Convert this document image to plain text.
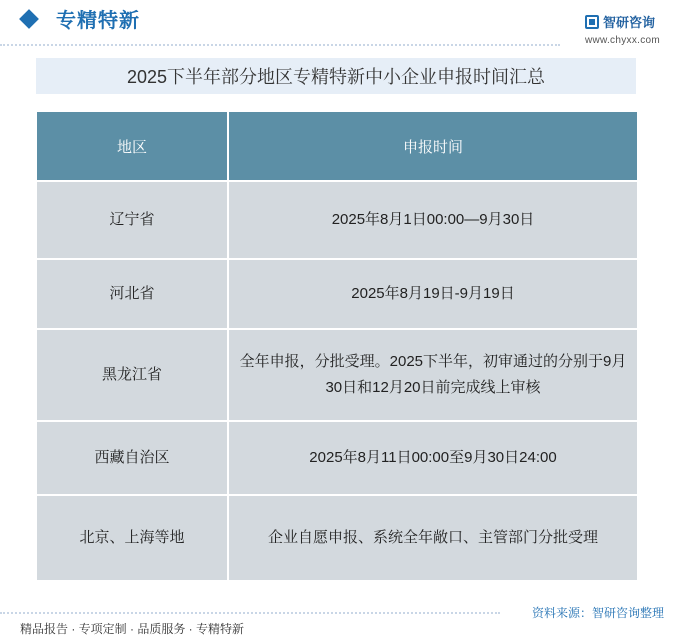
专精特新	智研咨询
www.chyxx.com
2025下半年部分地区专精特新中小企业申报时间汇总
地区	申报时间
辽宁省	2025年8月1日00:00—9月30日
河北省	2025年8月19日-9月19日
黑龙江省	全年申报，分批受理。2025下半年，初审通过的分别于9月30日和12月20日前完成线上审核
西藏自治区	2025年8月11日00:00至9月30日24:00
北京、上海等地	企业自愿申报、系统全年敞口、主管部门分批受理
精品报告 · 专项定制 · 品质服务 · 专精特新
资料来源：智研咨询整理
